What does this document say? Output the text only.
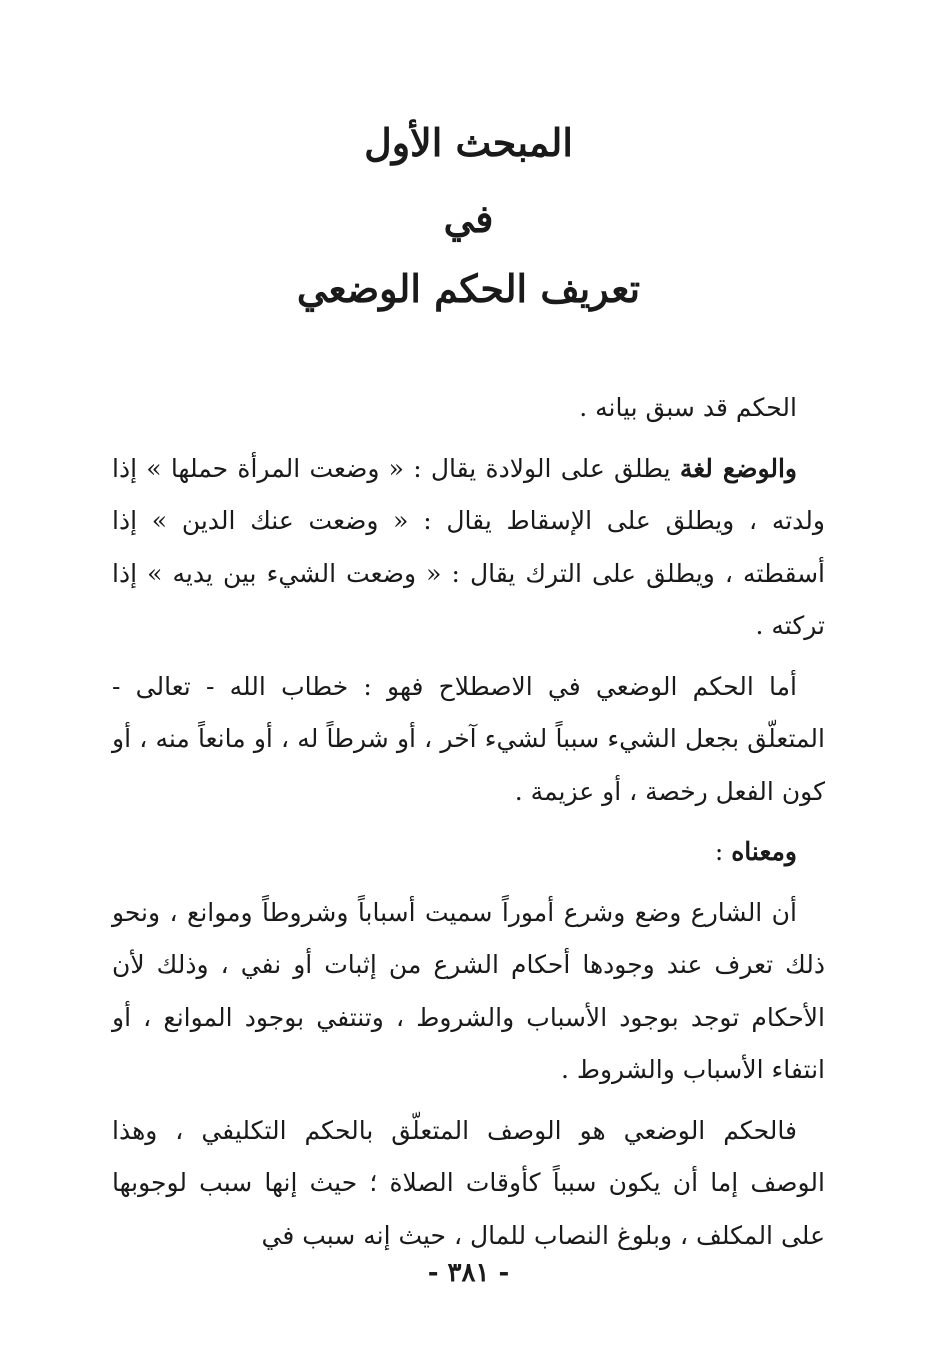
المبحث الأول
في
تعريف الحكم الوضعي

الحكم قد سبق بيانه .

والوضع لغة يطلق على الولادة يقال : « وضعت المرأة حملها » إذا ولدته ، ويطلق على الإسقاط يقال : « وضعت عنك الدين » إذا أسقطته ، ويطلق على الترك يقال : « وضعت الشيء بين يديه » إذا تركته .

أما الحكم الوضعي في الاصطلاح فهو : خطاب الله - تعالى - المتعلّق بجعل الشيء سبباً لشيء آخر ، أو شرطاً له ، أو مانعاً منه ، أو كون الفعل رخصة ، أو عزيمة .

ومعناه :

أن الشارع وضع وشرع أموراً سميت أسباباً وشروطاً وموانع ، ونحو ذلك تعرف عند وجودها أحكام الشرع من إثبات أو نفي ، وذلك لأن الأحكام توجد بوجود الأسباب والشروط ، وتنتفي بوجود الموانع ، أو انتفاء الأسباب والشروط .

فالحكم الوضعي هو الوصف المتعلّق بالحكم التكليفي ، وهذا الوصف إما أن يكون سبباً كأوقات الصلاة ؛ حيث إنها سبب لوجوبها على المكلف ، وبلوغ النصاب للمال ، حيث إنه سبب في

- ٣٨١ -
